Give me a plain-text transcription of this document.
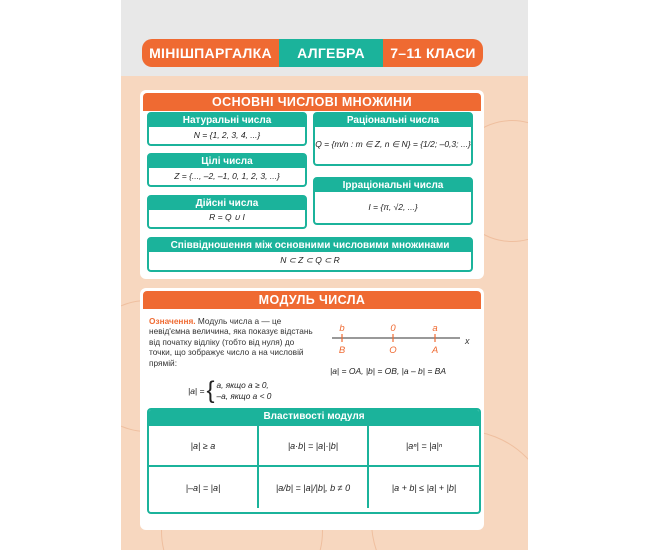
МІНІШПАРГАЛКА	АЛГЕБРА	7–11 КЛАСИ
ОСНОВНІ ЧИСЛОВІ МНОЖИНИ
Натуральні числа
N = {1, 2, 3, 4, ...}
Цілі числа
Z = {..., –2, –1, 0, 1, 2, 3, ...}
Дійсні числа
R = Q ∪ I
Раціональні числа
Q = {m/n : m ∈ Z, n ∈ N} = {1/2; –0,3; ...}
Ірраціональні числа
I = {π, √2, ...}
Співвідношення між основними числовими множинами
N ⊂ Z ⊂ Q ⊂ R
МОДУЛЬ ЧИСЛА
Означення. Модуль числа a — це невід'ємна величина, яка показує відстань від початку відліку (тобто від нуля) до точки, що зображує число a на числовій прямій:
|a| = { a, якщо a ≥ 0,
–a, якщо a < 0
b	0	a
B	O	A
x
|a| = OA, |b| = OB, |a – b| = BA
Властивості модуля
|a| ≥ a	|a·b| = |a|·|b|	|aⁿ| = |a|ⁿ
|–a| = |a|	|a/b| = |a|/|b|, b ≠ 0	|a + b| ≤ |a| + |b|
